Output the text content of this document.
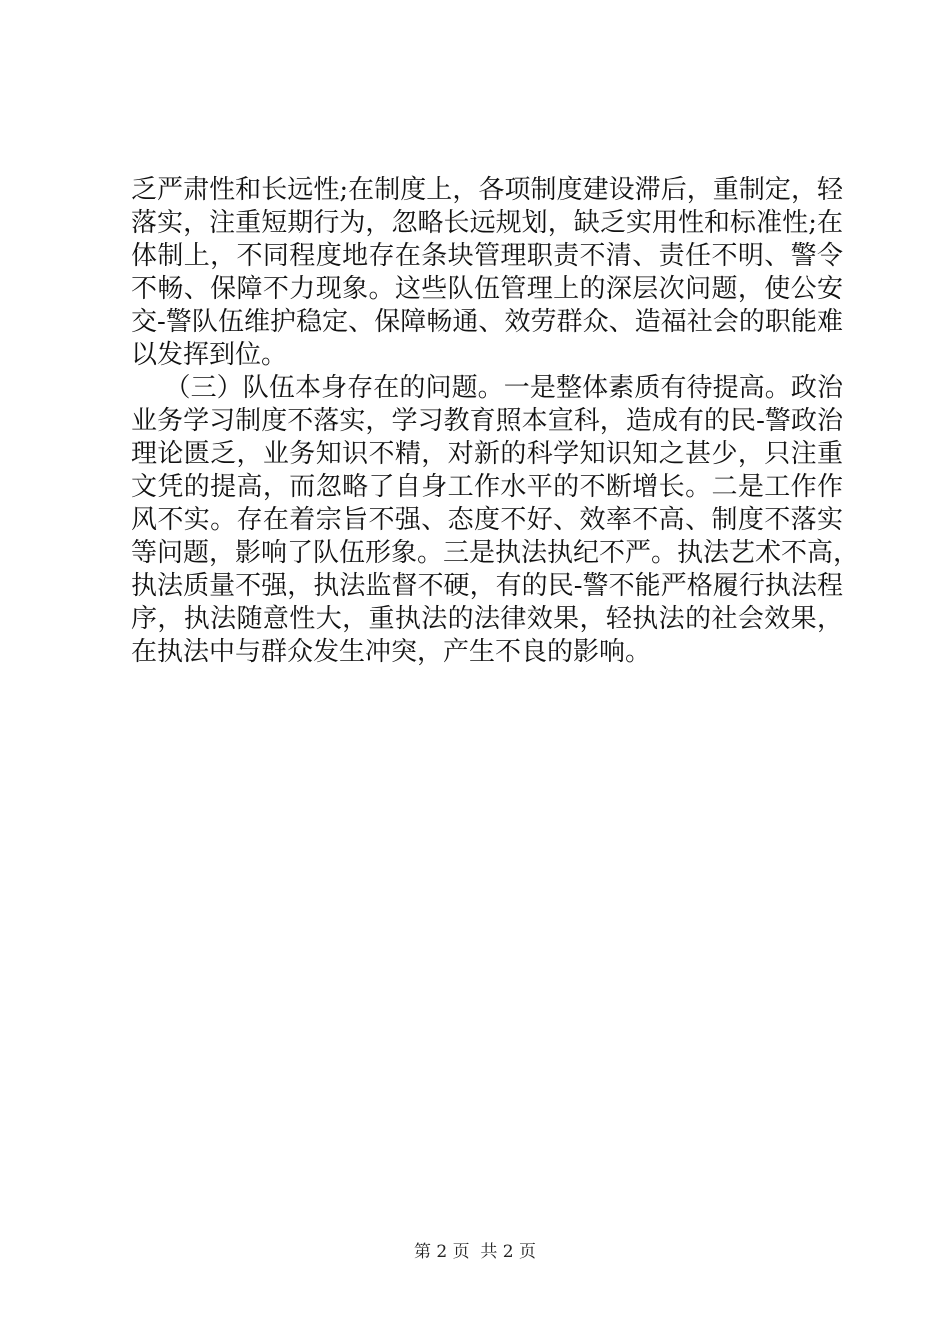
乏严肃性和长远性;在制度上，各项制度建设滞后，重制定，轻
落实，注重短期行为，忽略长远规划，缺乏实用性和标准性;在
体制上，不同程度地存在条块管理职责不清、责任不明、警令
不畅、保障不力现象。这些队伍管理上的深层次问题，使公安
交-警队伍维护稳定、保障畅通、效劳群众、造福社会的职能难
以发挥到位。
（三）队伍本身存在的问题。一是整体素质有待提高。政治
业务学习制度不落实，学习教育照本宣科，造成有的民-警政治
理论匮乏，业务知识不精，对新的科学知识知之甚少，只注重
文凭的提高，而忽略了自身工作水平的不断增长。二是工作作
风不实。存在着宗旨不强、态度不好、效率不高、制度不落实
等问题，影响了队伍形象。三是执法执纪不严。执法艺术不高，
执法质量不强，执法监督不硬，有的民-警不能严格履行执法程
序，执法随意性大，重执法的法律效果，轻执法的社会效果，
在执法中与群众发生冲突，产生不良的影响。
第 2 页  共 2 页
